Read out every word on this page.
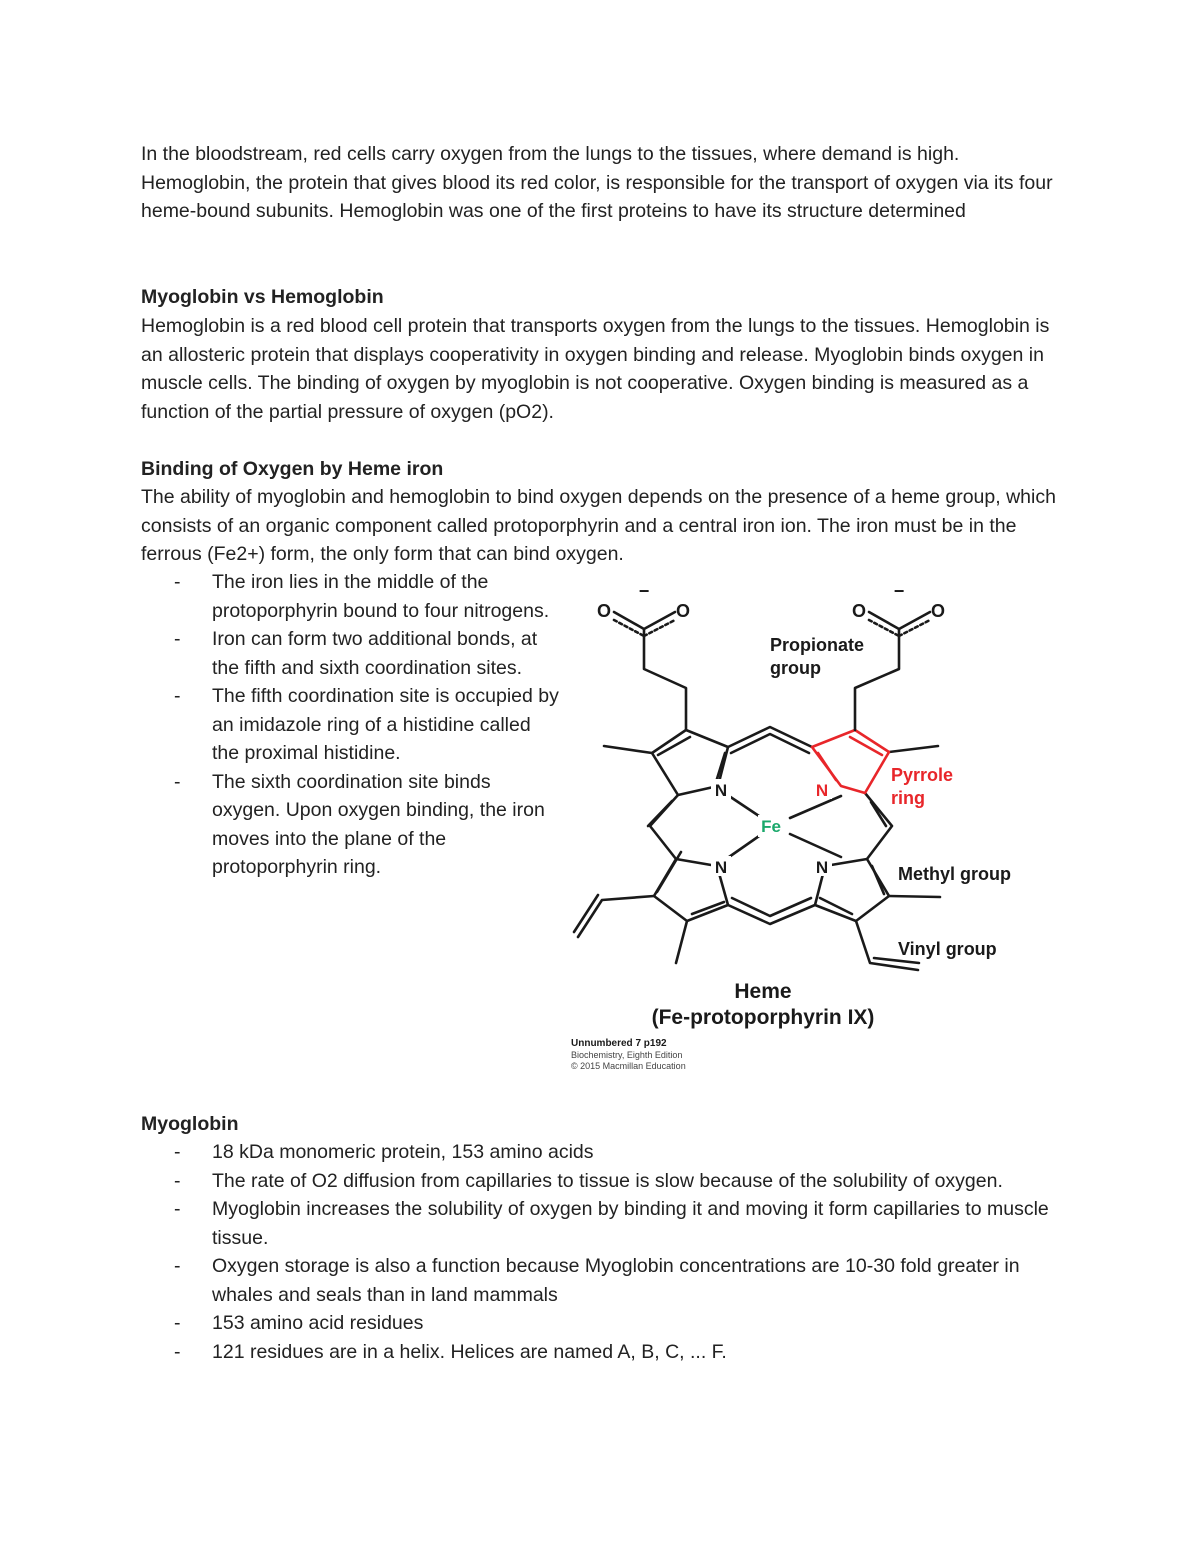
In the bloodstream, red cells carry oxygen from the lungs to the tissues, where demand is high. Hemoglobin, the protein that gives blood its red color, is responsible for the transport of oxygen via its four heme-bound subunits. Hemoglobin was one of the first proteins to have its structure determined

Myoglobin vs Hemoglobin

Hemoglobin is a red blood cell protein that transports oxygen from the lungs to the tissues. Hemoglobin is an allosteric protein that displays cooperativity in oxygen binding and release. Myoglobin binds oxygen in muscle cells. The binding of oxygen by myoglobin is not cooperative. Oxygen binding is measured as a function of the partial pressure of oxygen (pO2).

Binding of Oxygen by Heme iron

The ability of myoglobin and hemoglobin to bind oxygen depends on the presence of a heme group, which consists of an organic component called protoporphyrin and a central iron ion. The iron must be in the ferrous (Fe2+) form, the only form that can bind oxygen.

- The iron lies in the middle of the protoporphyrin bound to four nitrogens.
- Iron can form two additional bonds, at the fifth and sixth coordination sites.
- The fifth coordination site is occupied by an imidazole ring of a histidine called the proximal histidine.
- The sixth coordination site binds oxygen. Upon oxygen binding, the iron moves into the plane of the protoporphyrin ring.
N	N
N	N
Fe
O	O
−
O	O
−
Propionate
group
Pyrrole
ring
Methyl group
Vinyl group
Heme
(Fe-protoporphyrin IX)
Unnumbered 7 p192
Biochemistry, Eighth Edition
© 2015 Macmillan Education
Myoglobin
- 18 kDa monomeric protein, 153 amino acids
- The rate of O2 diffusion from capillaries to tissue is slow because of the solubility of oxygen.
- Myoglobin increases the solubility of oxygen by binding it and moving it form capillaries to muscle tissue.
- Oxygen storage is also a function because Myoglobin concentrations are 10-30 fold greater in whales and seals than in land mammals
- 153 amino acid residues
- 121 residues are in a helix. Helices are named A, B, C, ... F.
